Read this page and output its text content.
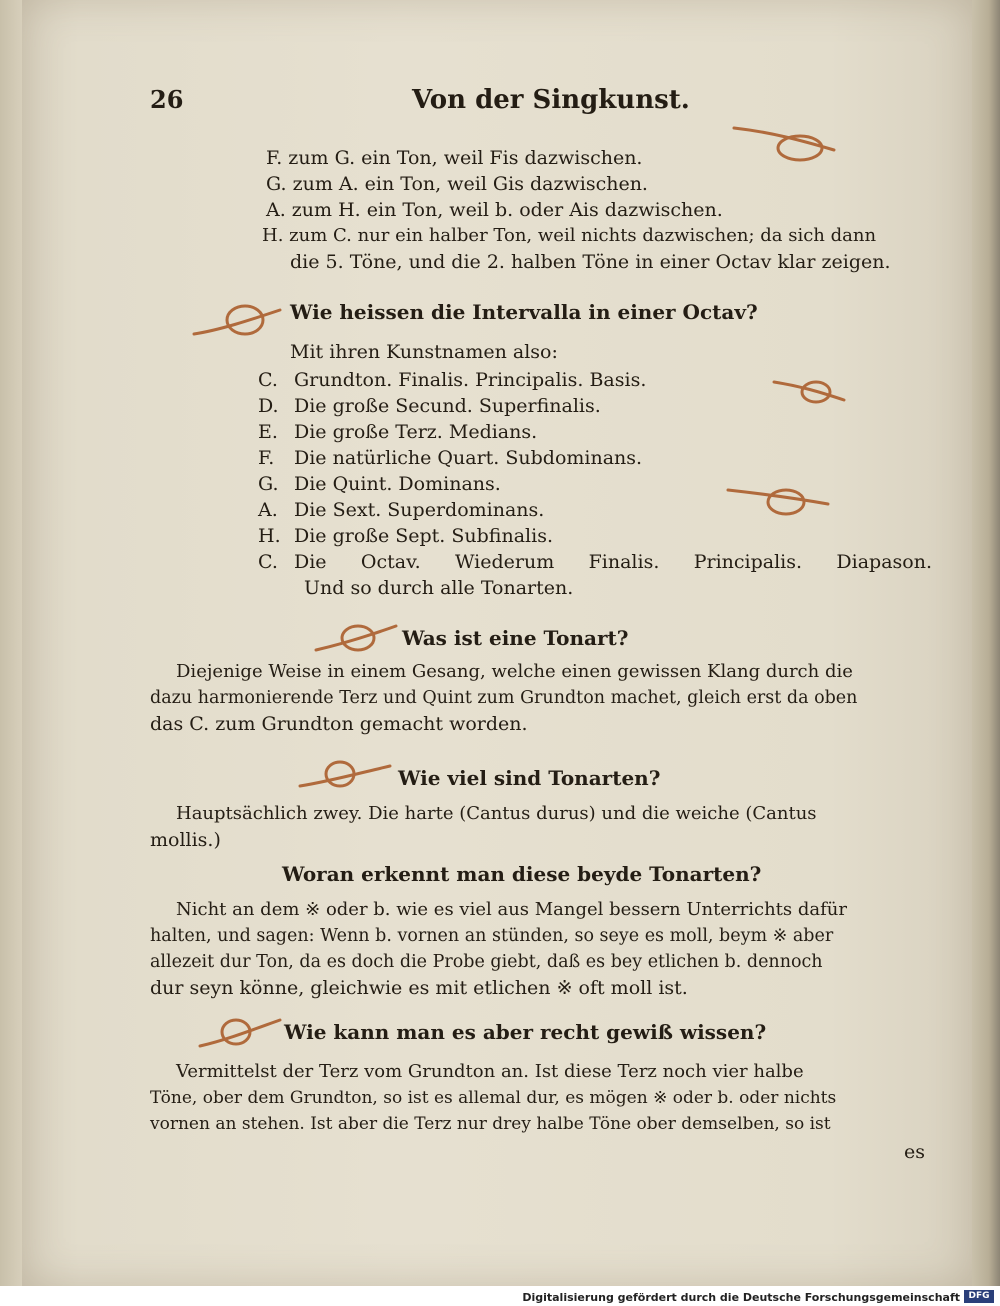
26	Von der Singkunst.
F. zum G. ein Ton, weil Fis dazwischen.
G. zum A. ein Ton, weil Gis dazwischen.
A. zum H. ein Ton, weil b. oder Ais dazwischen.
H. zum C. nur ein halber Ton, weil nichts dazwischen; da sich dann
die 5. Töne, und die 2. halben Töne in einer Octav klar zeigen.
Wie heissen die Intervalla in einer Octav?
Mit ihren Kunstnamen also:
C. Grundton. Finalis. Principalis. Basis.
D. Die große Secund. Superfinalis.
E. Die große Terz. Medians.
F. Die natürliche Quart. Subdominans.
G. Die Quint. Dominans.
A. Die Sext. Superdominans.
H. Die große Sept. Subfinalis.
C. Die Octav. Wiederum Finalis. Principalis. Diapason.
Und so durch alle Tonarten.
Was ist eine Tonart?
Diejenige Weise in einem Gesang, welche einen gewissen Klang durch die
dazu harmonierende Terz und Quint zum Grundton machet, gleich erst da oben
das C. zum Grundton gemacht worden.
Wie viel sind Tonarten?
Hauptsächlich zwey. Die harte (Cantus durus) und die weiche (Cantus
mollis.)
Woran erkennt man diese beyde Tonarten?
Nicht an dem ※ oder b. wie es viel aus Mangel bessern Unterrichts dafür
halten, und sagen: Wenn b. vornen an stünden, so seye es moll, beym ※ aber
allezeit dur Ton, da es doch die Probe giebt, daß es bey etlichen b. dennoch
dur seyn könne, gleichwie es mit etlichen ※ oft moll ist.
Wie kann man es aber recht gewiß wissen?
Vermittelst der Terz vom Grundton an. Ist diese Terz noch vier halbe
Töne, ober dem Grundton, so ist es allemal dur, es mögen ※ oder b. oder nichts
vornen an stehen. Ist aber die Terz nur drey halbe Töne ober demselben, so ist
es
Digitalisierung gefördert durch die Deutsche Forschungsgemeinschaft DFG
